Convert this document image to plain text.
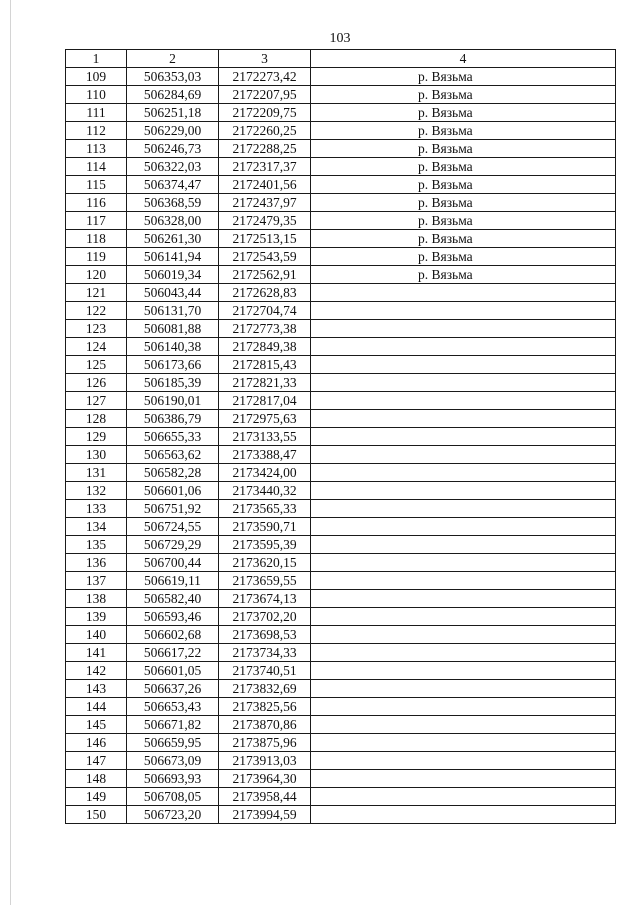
103
1	2	3	4
109	506353,03	2172273,42	р. Вязьма
110	506284,69	2172207,95	р. Вязьма
111	506251,18	2172209,75	р. Вязьма
112	506229,00	2172260,25	р. Вязьма
113	506246,73	2172288,25	р. Вязьма
114	506322,03	2172317,37	р. Вязьма
115	506374,47	2172401,56	р. Вязьма
116	506368,59	2172437,97	р. Вязьма
117	506328,00	2172479,35	р. Вязьма
118	506261,30	2172513,15	р. Вязьма
119	506141,94	2172543,59	р. Вязьма
120	506019,34	2172562,91	р. Вязьма
121	506043,44	2172628,83	
122	506131,70	2172704,74	
123	506081,88	2172773,38	
124	506140,38	2172849,38	
125	506173,66	2172815,43	
126	506185,39	2172821,33	
127	506190,01	2172817,04	
128	506386,79	2172975,63	
129	506655,33	2173133,55	
130	506563,62	2173388,47	
131	506582,28	2173424,00	
132	506601,06	2173440,32	
133	506751,92	2173565,33	
134	506724,55	2173590,71	
135	506729,29	2173595,39	
136	506700,44	2173620,15	
137	506619,11	2173659,55	
138	506582,40	2173674,13	
139	506593,46	2173702,20	
140	506602,68	2173698,53	
141	506617,22	2173734,33	
142	506601,05	2173740,51	
143	506637,26	2173832,69	
144	506653,43	2173825,56	
145	506671,82	2173870,86	
146	506659,95	2173875,96	
147	506673,09	2173913,03	
148	506693,93	2173964,30	
149	506708,05	2173958,44	
150	506723,20	2173994,59	
